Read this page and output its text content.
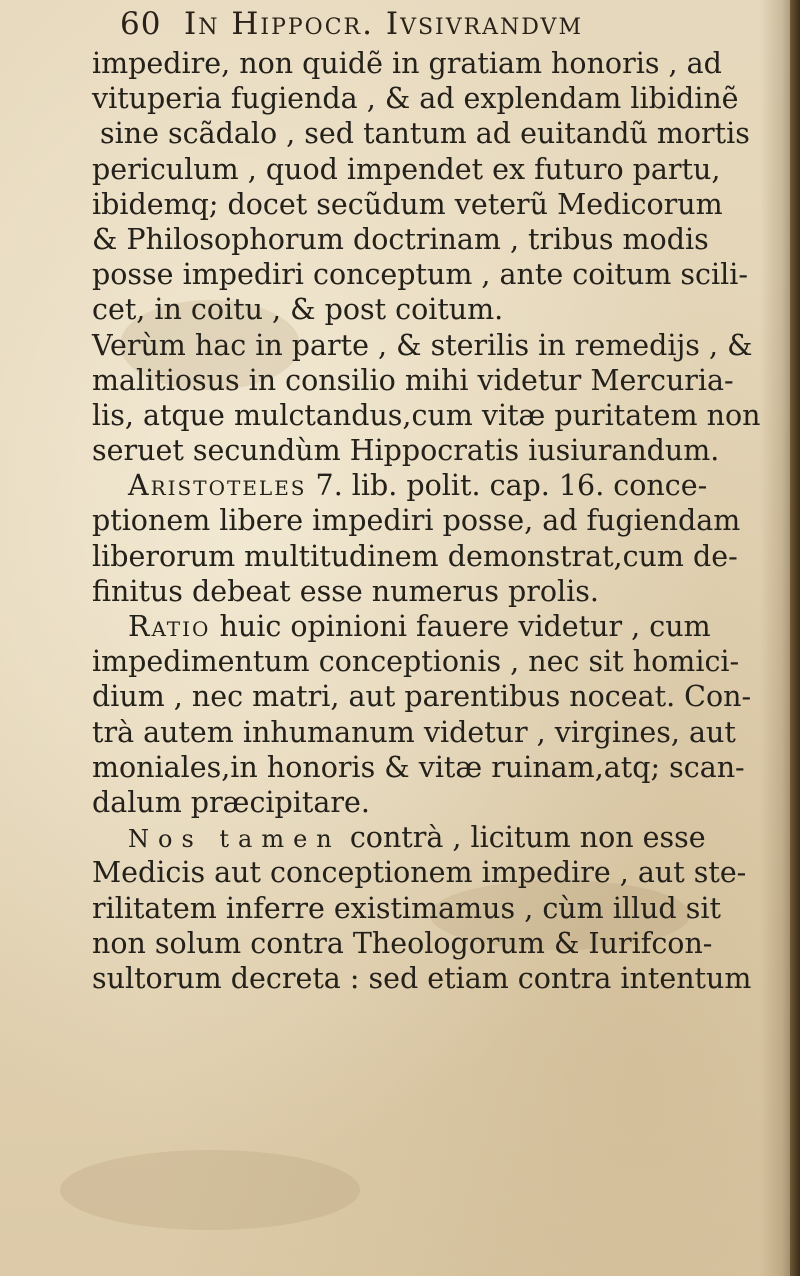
60 In Hippocr. Ivsivrandvm
impedire, non quidẽ in gratiam honoris , ad
vituperia fugienda , & ad explendam libidinẽ
sine scãdalo , sed tantum ad euitandũ mortis
periculum , quod impendet ex futuro partu,
ibidemq; docet secũdum veterũ Medicorum
& Philosophorum doctrinam , tribus modis
posse impediri conceptum , ante coitum scili-
cet, in coitu , & post coitum.
Verùm hac in parte , & sterilis in remedijs , &
malitiosus in consilio mihi videtur Mercuria-
lis, atque mulctandus,cum vitæ puritatem non
seruet secundùm Hippocratis iusiurandum.
Aristoteles 7. lib. polit. cap. 16. conce-
ptionem libere impediri posse, ad fugiendam
liberorum multitudinem demonstrat,cum de-
finitus debeat esse numerus prolis.
Ratio huic opinioni fauere videtur , cum
impedimentum conceptionis , nec sit homici-
dium , nec matri, aut parentibus noceat. Con-
trà autem inhumanum videtur , virgines, aut
moniales,in honoris & vitæ ruinam,atq; scan-
dalum præcipitare.
Nos tamen contrà , licitum non esse
Medicis aut conceptionem impedire , aut ste-
rilitatem inferre existimamus , cùm illud sit
non solum contra Theologorum & Iurifcon-
sultorum decreta : sed etiam contra intentum
